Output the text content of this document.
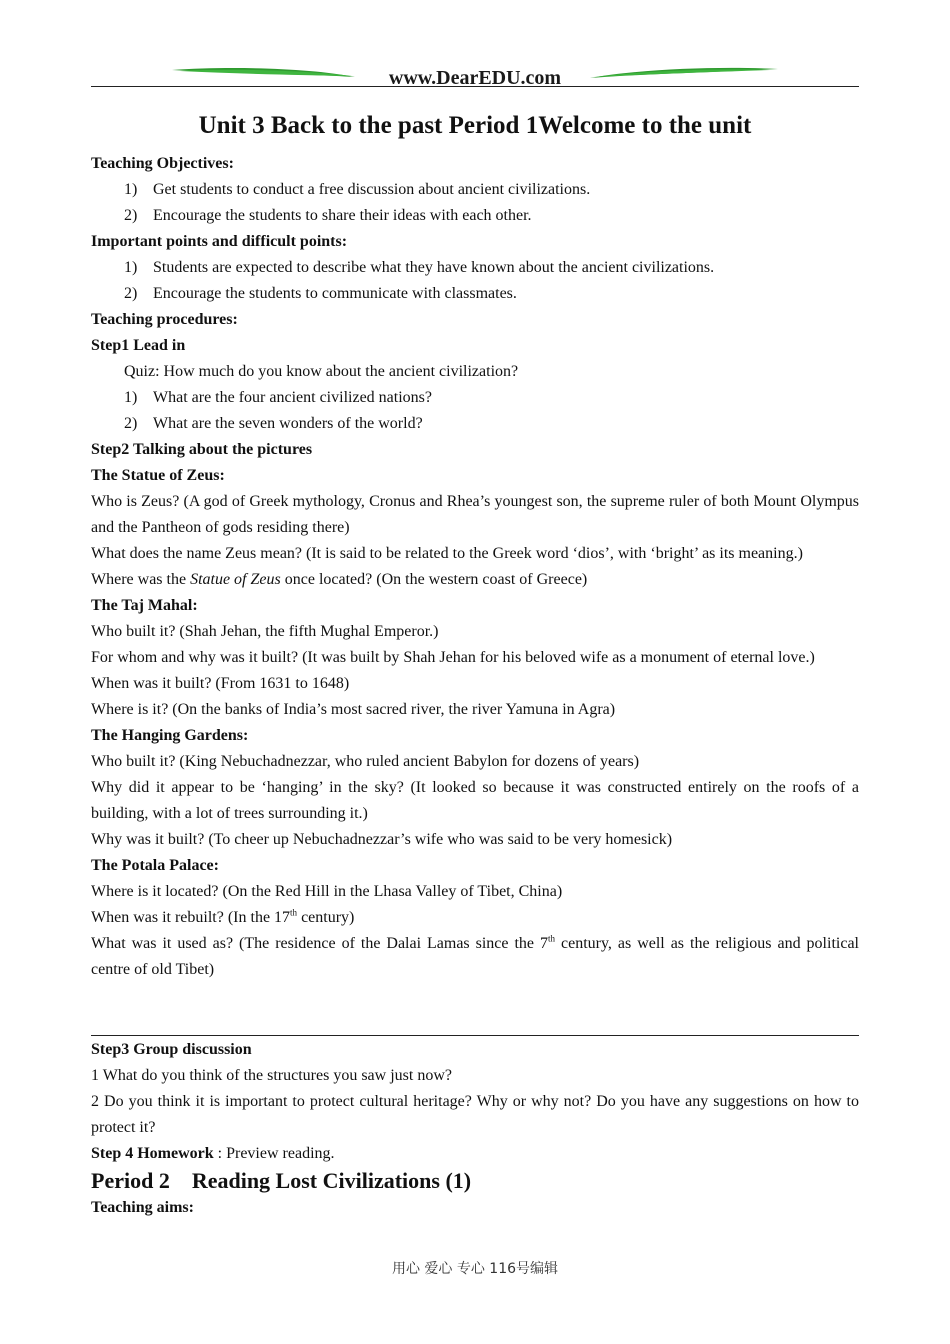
www.DearEDU.com
Unit 3 Back to the past Period 1Welcome to the unit

Teaching Objectives:

1) Get students to conduct a free discussion about ancient civilizations.

2) Encourage the students to share their ideas with each other.

Important points and difficult points:

1) Students are expected to describe what they have known about the ancient civilizations.

2) Encourage the students to communicate with classmates.

Teaching procedures:

Step1 Lead in

Quiz: How much do you know about the ancient civilization?

1) What are the four ancient civilized nations?

2) What are the seven wonders of the world?

Step2 Talking about the pictures

The Statue of Zeus:

Who is Zeus? (A god of Greek mythology, Cronus and Rhea’s youngest son, the supreme ruler of both Mount Olympus and the Pantheon of gods residing there)

What does the name Zeus mean? (It is said to be related to the Greek word ‘dios’, with ‘bright’ as its meaning.)

Where was the Statue of Zeus once located? (On the western coast of Greece)

The Taj Mahal:

Who built it? (Shah Jehan, the fifth Mughal Emperor.)

For whom and why was it built? (It was built by Shah Jehan for his beloved wife as a monument of eternal love.)

When was it built? (From 1631 to 1648)

Where is it? (On the banks of India’s most sacred river, the river Yamuna in Agra)

The Hanging Gardens:

Who built it? (King Nebuchadnezzar, who ruled ancient Babylon for dozens of years)

Why did it appear to be ‘hanging’ in the sky? (It looked so because it was constructed entirely on the roofs of a building, with a lot of trees surrounding it.)

Why was it built? (To cheer up Nebuchadnezzar’s wife who was said to be very homesick)

The Potala Palace:

Where is it located? (On the Red Hill in the Lhasa Valley of Tibet, China)

When was it rebuilt? (In the 17th century)

What was it used as? (The residence of the Dalai Lamas since the 7th century, as well as the religious and political centre of old Tibet)

Step3 Group discussion

1 What do you think of the structures you saw just now?

2 Do you think it is important to protect cultural heritage? Why or why not? Do you have any suggestions on how to protect it?

Step 4 Homework : Preview reading.

Period 2    Reading Lost Civilizations (1)

Teaching aims:

用心 爱心 专心 116号编辑
